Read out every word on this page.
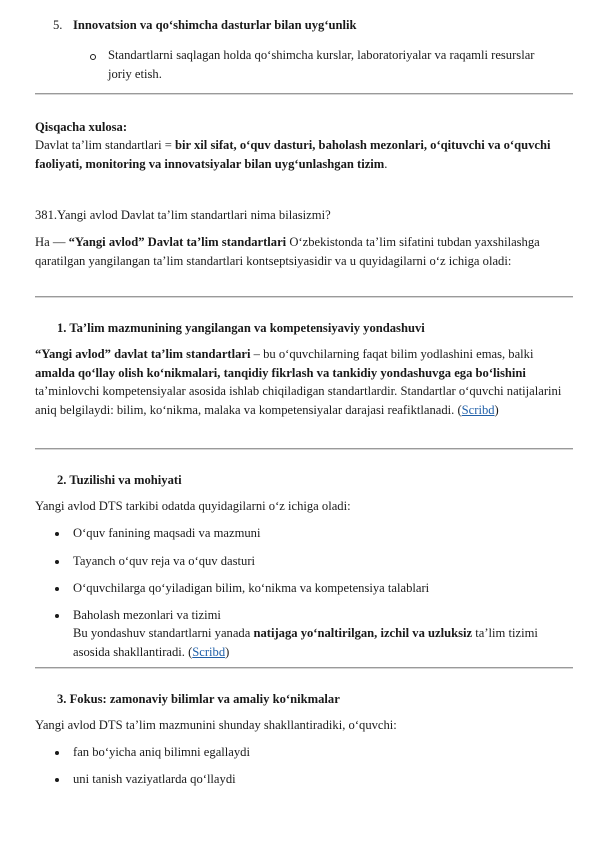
5. Innovatsion va qo‘shimcha dasturlar bilan uyg‘unlik

Standartlarni saqlagan holda qo‘shimcha kurslar, laboratoriyalar va raqamli resurslar joriy etish.

Qisqacha xulosa:

Davlat ta’lim standartlari = bir xil sifat, o‘quv dasturi, baholash mezonlari, o‘qituvchi va o‘quvchi faoliyati, monitoring va innovatsiyalar bilan uyg‘unlashgan tizim.

381.Yangi avlod Davlat ta’lim standartlari nima bilasizmi?

Ha — “Yangi avlod” Davlat ta’lim standartlari O‘zbekistonda ta’lim sifatini tubdan yaxshilashga qaratilgan yangilangan ta’lim standartlari kontseptsiyasidir va u quyidagilarni o‘z ichiga oladi:

1. Ta’lim mazmunining yangilangan va kompetensiyaviy yondashuvi

“Yangi avlod” davlat ta’lim standartlari – bu o‘quvchilarning faqat bilim yodlashini emas, balki amalda qo‘llay olish ko‘nikmalari, tanqidiy fikrlash va tankidiy yondashuvga ega bo‘lishini ta’minlovchi kompetensiyalar asosida ishlab chiqiladigan standartlardir. Standartlar o‘quvchi natijalarini aniq belgilaydi: bilim, ko‘nikma, malaka va kompetensiyalar darajasi reafiktlanadi. (Scribd)

2. Tuzilishi va mohiyati

Yangi avlod DTS tarkibi odatda quyidagilarni o‘z ichiga oladi:

O‘quv fanining maqsadi va mazmuni

Tayanch o‘quv reja va o‘quv dasturi

O‘quvchilarga qo‘yiladigan bilim, ko‘nikma va kompetensiya talablari

Baholash mezonlari va tizimi

Bu yondashuv standartlarni yanada natijaga yo‘naltirilgan, izchil va uzluksiz ta’lim tizimi asosida shakllantiradi. (Scribd)

3. Fokus: zamonaviy bilimlar va amaliy ko‘nikmalar

Yangi avlod DTS ta’lim mazmunini shunday shakllantiradiki, o‘quvchi:

fan bo‘yicha aniq bilimni egallaydi

uni tanish vaziyatlarda qo‘llaydi
